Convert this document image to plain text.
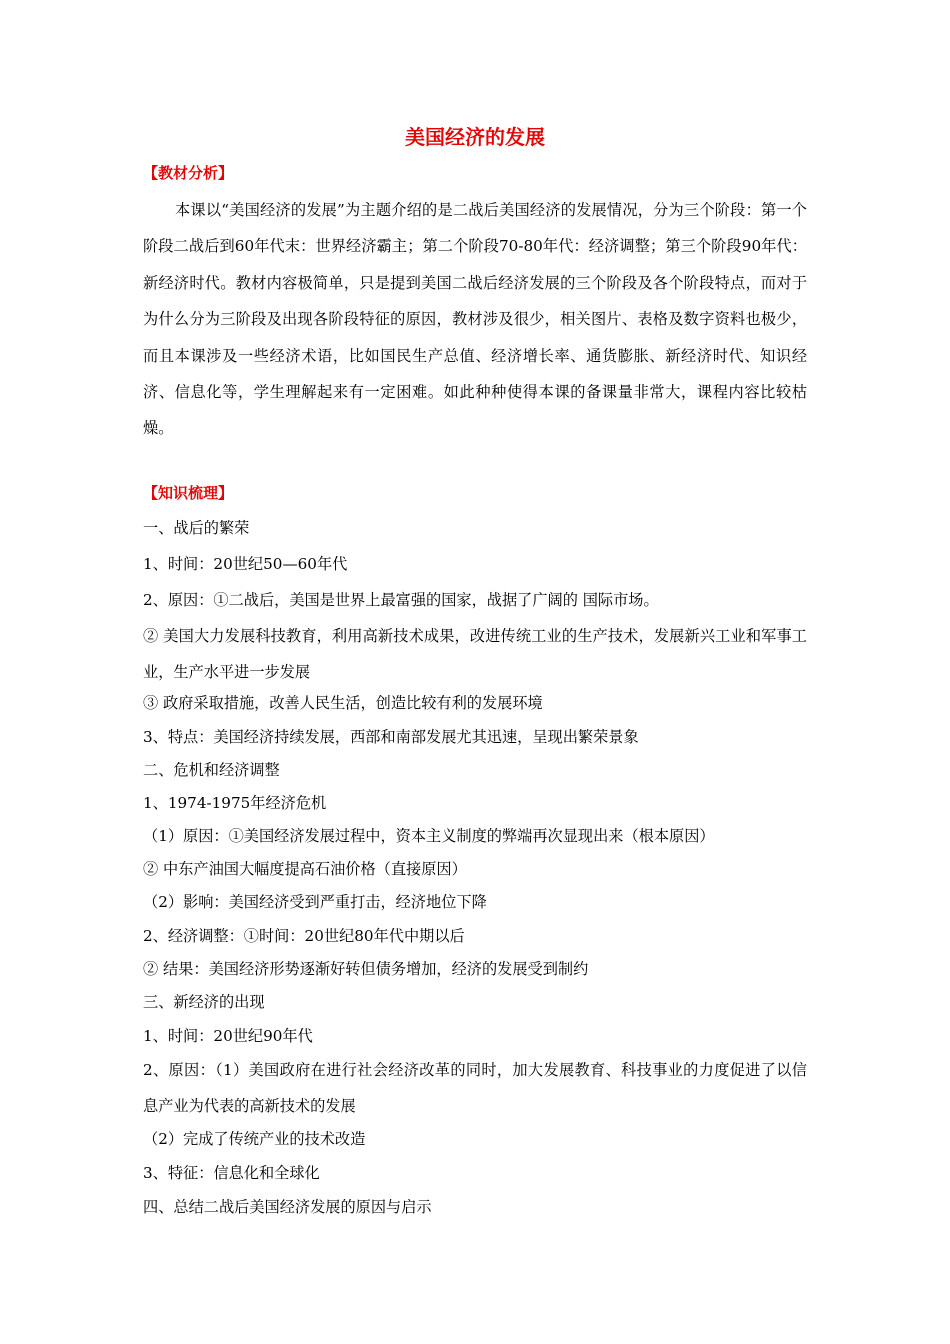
美国经济的发展
【教材分析】
本课以“美国经济的发展”为主题介绍的是二战后美国经济的发展情况，分为三个阶段：第一个阶段二战后到60年代末：世界经济霸主；第二个阶段70-80年代：经济调整；第三个阶段90年代：新经济时代。教材内容极简单，只是提到美国二战后经济发展的三个阶段及各个阶段特点，而对于为什么分为三阶段及出现各阶段特征的原因，教材涉及很少，相关图片、表格及数字资料也极少，而且本课涉及一些经济术语，比如国民生产总值、经济增长率、通货膨胀、新经济时代、知识经济、信息化等，学生理解起来有一定困难。如此种种使得本课的备课量非常大，课程内容比较枯燥。
【知识梳理】
一、战后的繁荣
1、时间：20世纪50—60年代
2、原因：①二战后，美国是世界上最富强的国家，战据了广阔的 国际市场。
② 美国大力发展科技教育，利用高新技术成果，改进传统工业的生产技术，发展新兴工业和军事工业，生产水平进一步发展
③ 政府采取措施，改善人民生活，创造比较有利的发展环境
3、特点：美国经济持续发展，西部和南部发展尤其迅速，呈现出繁荣景象
二、危机和经济调整
1、1974-1975年经济危机
（1）原因：①美国经济发展过程中，资本主义制度的弊端再次显现出来（根本原因）
② 中东产油国大幅度提高石油价格（直接原因）
（2）影响：美国经济受到严重打击，经济地位下降
2、经济调整：①时间：20世纪80年代中期以后
② 结果：美国经济形势逐渐好转但债务增加，经济的发展受到制约
三、新经济的出现
1、时间：20世纪90年代
2、原因：（1）美国政府在进行社会经济改革的同时，加大发展教育、科技事业的力度促进了以信息产业为代表的高新技术的发展
（2）完成了传统产业的技术改造
3、特征：信息化和全球化
四、总结二战后美国经济发展的原因与启示
